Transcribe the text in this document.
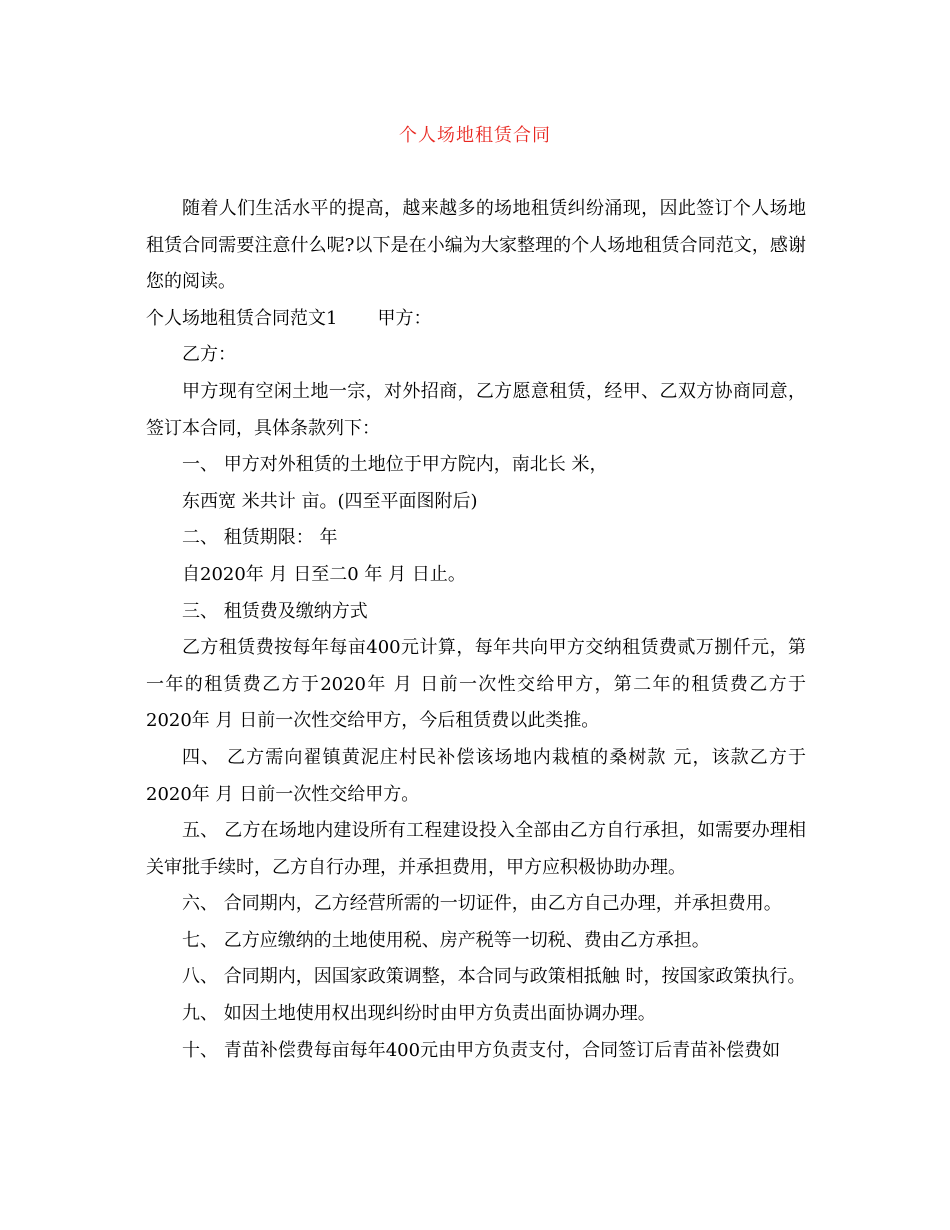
个人场地租赁合同

随着人们生活水平的提高，越来越多的场地租赁纠纷涌现，因此签订个人场地租赁合同需要注意什么呢?以下是在小编为大家整理的个人场地租赁合同范文，感谢您的阅读。

个人场地租赁合同范文1 甲方：

乙方：

甲方现有空闲土地一宗，对外招商，乙方愿意租赁，经甲、乙双方协商同意，签订本合同，具体条款列下：

一、 甲方对外租赁的土地位于甲方院内，南北长 米，

东西宽 米共计 亩。(四至平面图附后)

二、 租赁期限： 年

自2020年 月 日至二0 年 月 日止。

三、 租赁费及缴纳方式

乙方租赁费按每年每亩400元计算，每年共向甲方交纳租赁费贰万捌仟元，第一年的租赁费乙方于2020年 月 日前一次性交给甲方，第二年的租赁费乙方于2020年 月 日前一次性交给甲方，今后租赁费以此类推。

四、 乙方需向翟镇黄泥庄村民补偿该场地内栽植的桑树款 元，该款乙方于2020年 月 日前一次性交给甲方。

五、 乙方在场地内建设所有工程建设投入全部由乙方自行承担，如需要办理相关审批手续时，乙方自行办理，并承担费用，甲方应积极协助办理。

六、 合同期内，乙方经营所需的一切证件，由乙方自己办理，并承担费用。

七、 乙方应缴纳的土地使用税、房产税等一切税、费由乙方承担。

八、 合同期内，因国家政策调整，本合同与政策相抵触 时，按国家政策执行。

九、 如因土地使用权出现纠纷时由甲方负责出面协调办理。

十、 青苗补偿费每亩每年400元由甲方负责支付，合同签订后青苗补偿费如
